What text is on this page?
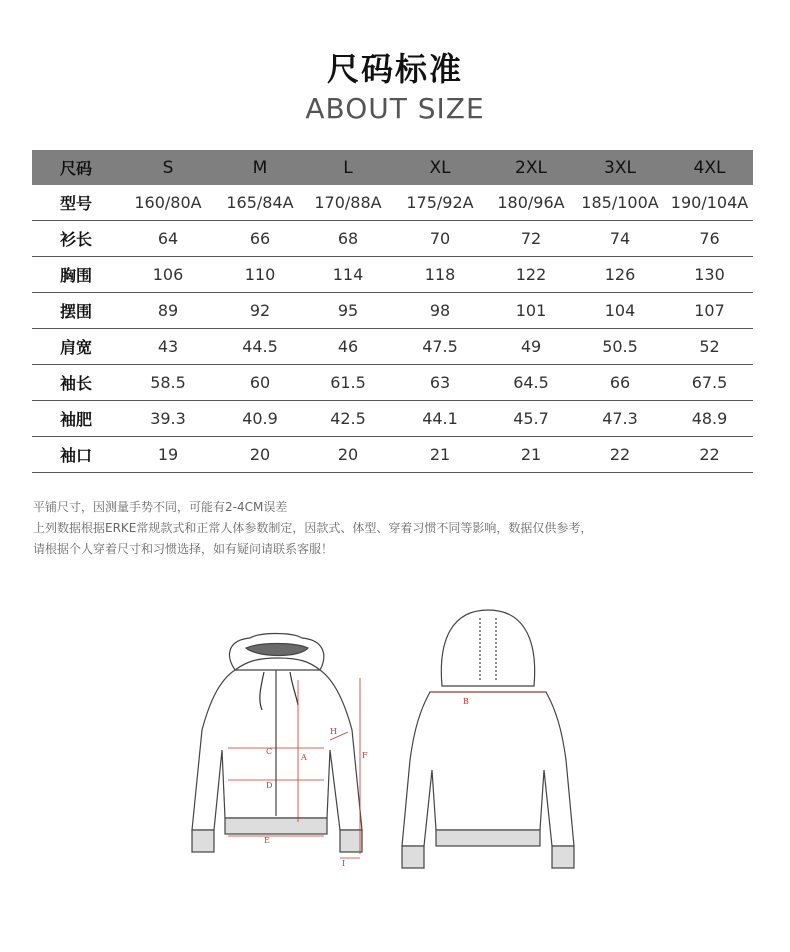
尺码标准
ABOUT SIZE
尺码	S	M	L	XL	2XL	3XL	4XL
型号	160/80A	165/84A	170/88A	175/92A	180/96A	185/100A	190/104A
衫长	64	66	68	70	72	74	76
胸围	106	110	114	118	122	126	130
摆围	89	92	95	98	101	104	107
肩宽	43	44.5	46	47.5	49	50.5	52
袖长	58.5	60	61.5	63	64.5	66	67.5
袖肥	39.3	40.9	42.5	44.1	45.7	47.3	48.9
袖口	19	20	20	21	21	22	22

平铺尺寸，因测量手势不同，可能有2-4CM误差

上列数据根据ERKE常规款式和正常人体参数制定，因款式、体型、穿着习惯不同等影响，数据仅供参考，

请根据个人穿着尺寸和习惯选择，如有疑问请联系客服！

C
A
D
E
F
H
I
B
